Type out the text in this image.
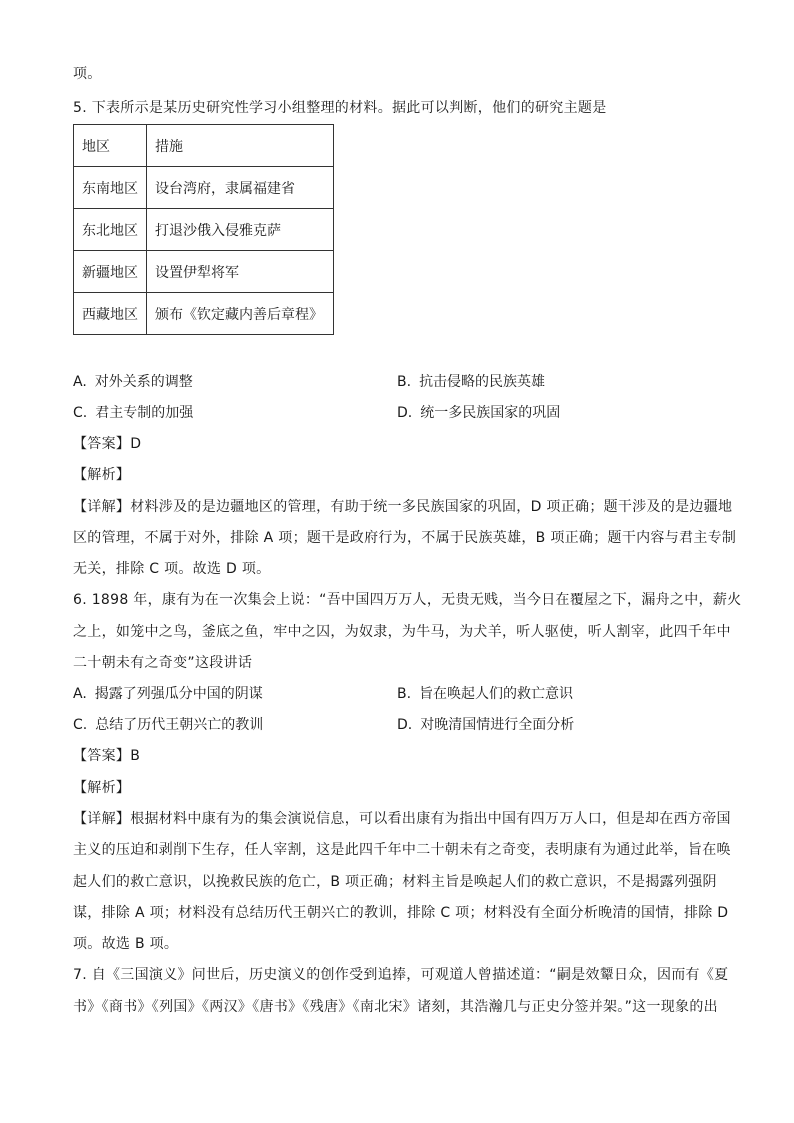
项。
5. 下表所示是某历史研究性学习小组整理的材料。据此可以判断，他们的研究主题是
地区	措施
东南地区	设台湾府，隶属福建省
东北地区	打退沙俄入侵雅克萨
新疆地区	设置伊犁将军
西藏地区	颁布《钦定藏内善后章程》
A. 对外关系的调整	B. 抗击侵略的民族英雄
C. 君主专制的加强	D. 统一多民族国家的巩固
【答案】D
【解析】
【详解】材料涉及的是边疆地区的管理，有助于统一多民族国家的巩固，D 项正确；题干涉及的是边疆地
区的管理，不属于对外，排除 A 项；题干是政府行为，不属于民族英雄，B 项正确；题干内容与君主专制
无关，排除 C 项。故选 D 项。
6. 1898 年，康有为在一次集会上说：“吾中国四万万人，无贵无贱，当今日在覆屋之下，漏舟之中，薪火
之上，如笼中之鸟，釜底之鱼，牢中之囚，为奴隶，为牛马，为犬羊，听人驱使，听人割宰，此四千年中
二十朝未有之奇变”这段讲话
A. 揭露了列强瓜分中国的阴谋	B. 旨在唤起人们的救亡意识
C. 总结了历代王朝兴亡的教训	D. 对晚清国情进行全面分析
【答案】B
【解析】
【详解】根据材料中康有为的集会演说信息，可以看出康有为指出中国有四万万人口，但是却在西方帝国
主义的压迫和剥削下生存，任人宰割，这是此四千年中二十朝未有之奇变，表明康有为通过此举，旨在唤
起人们的救亡意识，以挽救民族的危亡，B 项正确；材料主旨是唤起人们的救亡意识，不是揭露列强阴
谋，排除 A 项；材料没有总结历代王朝兴亡的教训，排除 C 项；材料没有全面分析晚清的国情，排除 D
项。故选 B 项。
7. 自《三国演义》问世后，历史演义的创作受到追捧，可观道人曾描述道：“嗣是效颦日众，因而有《夏
书》《商书》《列国》《两汉》《唐书》《残唐》《南北宋》诸刻，其浩瀚几与正史分签并架。”这一现象的出
